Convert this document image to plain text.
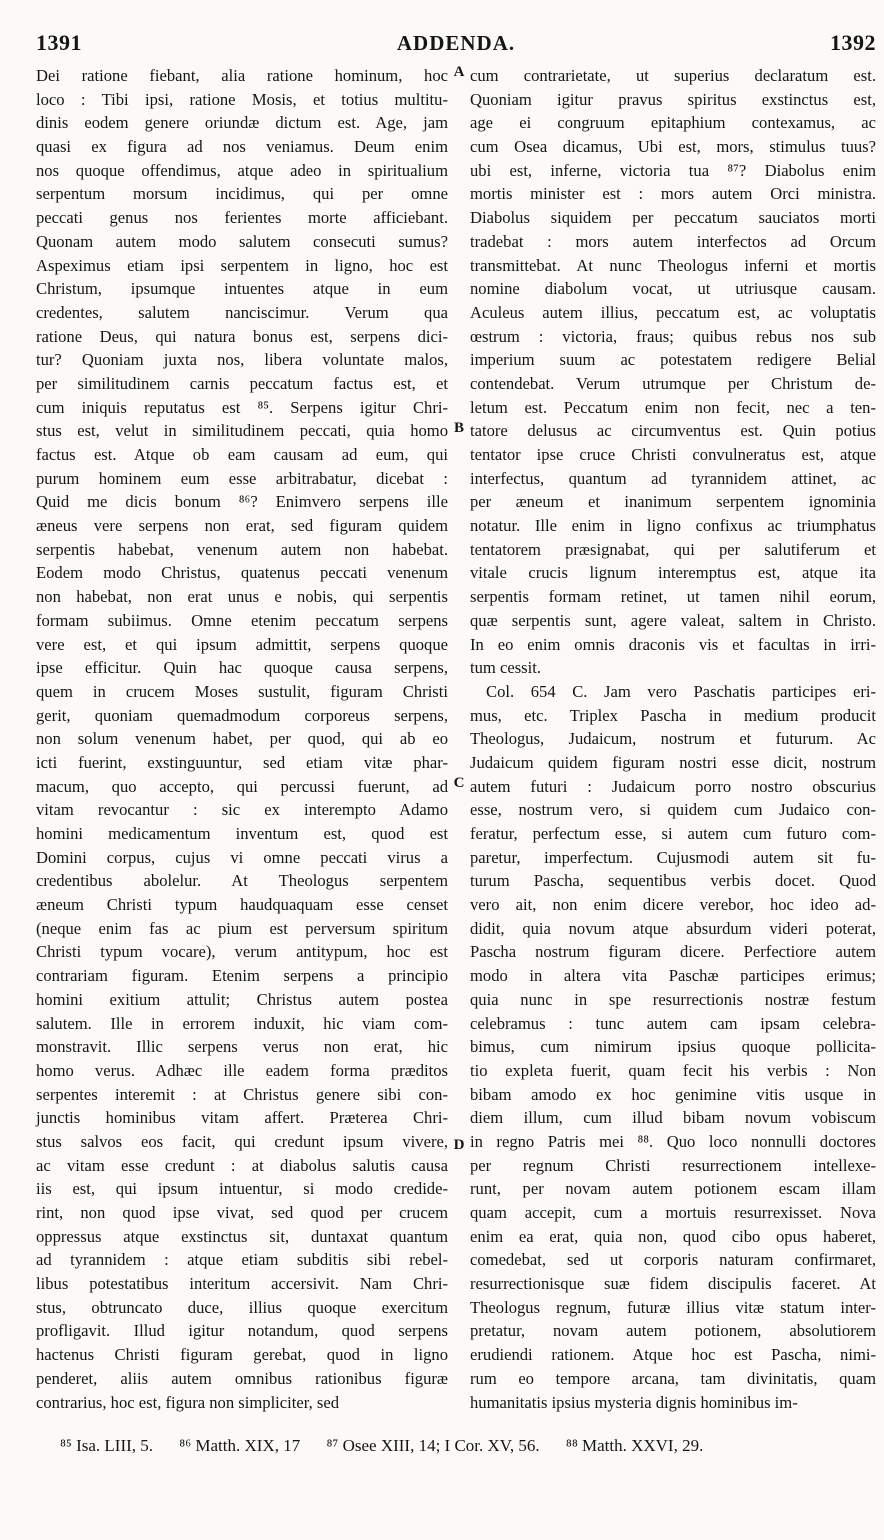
1391	ADDENDA.	1392
Dei ratione fiebant, alia ratione hominum, hoc
loco : Tibi ipsi, ratione Mosis, et totius multitu-
dinis eodem genere oriundæ dictum est. Age, jam
quasi ex figura ad nos veniamus. Deum enim
nos quoque offendimus, atque adeo in spiritualium
serpentum morsum incidimus, qui per omne
peccati genus nos ferientes morte afficiebant.
Quonam autem modo salutem consecuti sumus?
Aspeximus etiam ipsi serpentem in ligno, hoc est
Christum, ipsumque intuentes atque in eum
credentes, salutem nanciscimur. Verum qua
ratione Deus, qui natura bonus est, serpens dici-
tur? Quoniam juxta nos, libera voluntate malos,
per similitudinem carnis peccatum factus est, et
cum iniquis reputatus est ⁸⁵. Serpens igitur Chri-
stus est, velut in similitudinem peccati, quia homo
factus est. Atque ob eam causam ad eum, qui
purum hominem eum esse arbitrabatur, dicebat :
Quid me dicis bonum ⁸⁶? Enimvero serpens ille
æneus vere serpens non erat, sed figuram quidem
serpentis habebat, venenum autem non habebat.
Eodem modo Christus, quatenus peccati venenum
non habebat, non erat unus e nobis, qui serpentis
formam subiimus. Omne etenim peccatum serpens
vere est, et qui ipsum admittit, serpens quoque
ipse efficitur. Quin hac quoque causa serpens,
quem in crucem Moses sustulit, figuram Christi
gerit, quoniam quemadmodum corporeus serpens,
non solum venenum habet, per quod, qui ab eo
icti fuerint, exstinguuntur, sed etiam vitæ phar-
macum, quo accepto, qui percussi fuerunt, ad
vitam revocantur : sic ex interempto Adamo
homini medicamentum inventum est, quod est
Domini corpus, cujus vi omne peccati virus a
credentibus abolelur. At Theologus serpentem
æneum Christi typum haudquaquam esse censet
(neque enim fas ac pium est perversum spiritum
Christi typum vocare), verum antitypum, hoc est
contrariam figuram. Etenim serpens a principio
homini exitium attulit; Christus autem postea
salutem. Ille in errorem induxit, hic viam com-
monstravit. Illic serpens verus non erat, hic
homo verus. Adhæc ille eadem forma præditos
serpentes interemit : at Christus genere sibi con-
junctis hominibus vitam affert. Præterea Chri-
stus salvos eos facit, qui credunt ipsum vivere,
ac vitam esse credunt : at diabolus salutis causa
iis est, qui ipsum intuentur, si modo credide-
rint, non quod ipse vivat, sed quod per crucem
oppressus atque exstinctus sit, duntaxat quantum
ad tyrannidem : atque etiam subditis sibi rebel-
libus potestatibus interitum accersivit. Nam Chri-
stus, obtruncato duce, illius quoque exercitum
profligavit. Illud igitur notandum, quod serpens
hactenus Christi figuram gerebat, quod in ligno
penderet, aliis autem omnibus rationibus figuræ
contrarius, hoc est, figura non simpliciter, sed
cum contrarietate, ut superius declaratum est.
Quoniam igitur pravus spiritus exstinctus est,
age ei congruum epitaphium contexamus, ac
cum Osea dicamus, Ubi est, mors, stimulus tuus?
ubi est, inferne, victoria tua ⁸⁷? Diabolus enim
mortis minister est : mors autem Orci ministra.
Diabolus siquidem per peccatum sauciatos morti
tradebat : mors autem interfectos ad Orcum
transmittebat. At nunc Theologus inferni et mortis
nomine diabolum vocat, ut utriusque causam.
Aculeus autem illius, peccatum est, ac voluptatis
œstrum : victoria, fraus; quibus rebus nos sub
imperium suum ac potestatem redigere Belial
contendebat. Verum utrumque per Christum de-
letum est. Peccatum enim non fecit, nec a ten-
tatore delusus ac circumventus est. Quin potius
tentator ipse cruce Christi convulneratus est, atque
interfectus, quantum ad tyrannidem attinet, ac
per æneum et inanimum serpentem ignominia
notatur. Ille enim in ligno confixus ac triumphatus
tentatorem præsignabat, qui per salutiferum et
vitale crucis lignum interemptus est, atque ita
serpentis formam retinet, ut tamen nihil eorum,
quæ serpentis sunt, agere valeat, saltem in Christo.
In eo enim omnis draconis vis et facultas in irri-
tum cessit.
Col. 654 C. Jam vero Paschatis participes eri-
mus, etc. Triplex Pascha in medium producit
Theologus, Judaicum, nostrum et futurum. Ac
Judaicum quidem figuram nostri esse dicit, nostrum
autem futuri : Judaicum porro nostro obscurius
esse, nostrum vero, si quidem cum Judaico con-
feratur, perfectum esse, si autem cum futuro com-
paretur, imperfectum. Cujusmodi autem sit fu-
turum Pascha, sequentibus verbis docet. Quod
vero ait, non enim dicere verebor, hoc ideo ad-
didit, quia novum atque absurdum videri poterat,
Pascha nostrum figuram dicere. Perfectiore autem
modo in altera vita Paschæ participes erimus;
quia nunc in spe resurrectionis nostræ festum
celebramus : tunc autem cam ipsam celebra-
bimus, cum nimirum ipsius quoque pollicita-
tio expleta fuerit, quam fecit his verbis : Non
bibam amodo ex hoc genimine vitis usque in
diem illum, cum illud bibam novum vobiscum
in regno Patris mei ⁸⁸. Quo loco nonnulli doctores
per regnum Christi resurrectionem intellexe-
runt, per novam autem potionem escam illam
quam accepit, cum a mortuis resurrexisset. Nova
enim ea erat, quia non, quod cibo opus haberet,
comedebat, sed ut corporis naturam confirmaret,
resurrectionisque suæ fidem discipulis faceret. At
Theologus regnum, futuræ illius vitæ statum inter-
pretatur, novam autem potionem, absolutiorem
erudiendi rationem. Atque hoc est Pascha, nimi-
rum eo tempore arcana, tam divinitatis, quam
humanitatis ipsius mysteria dignis hominibus im-
A
B
C
D
⁸⁵ Isa. LIII, 5. ⁸⁶ Matth. XIX, 17 ⁸⁷ Osee XIII, 14; I Cor. XV, 56. ⁸⁸ Matth. XXVI, 29.
